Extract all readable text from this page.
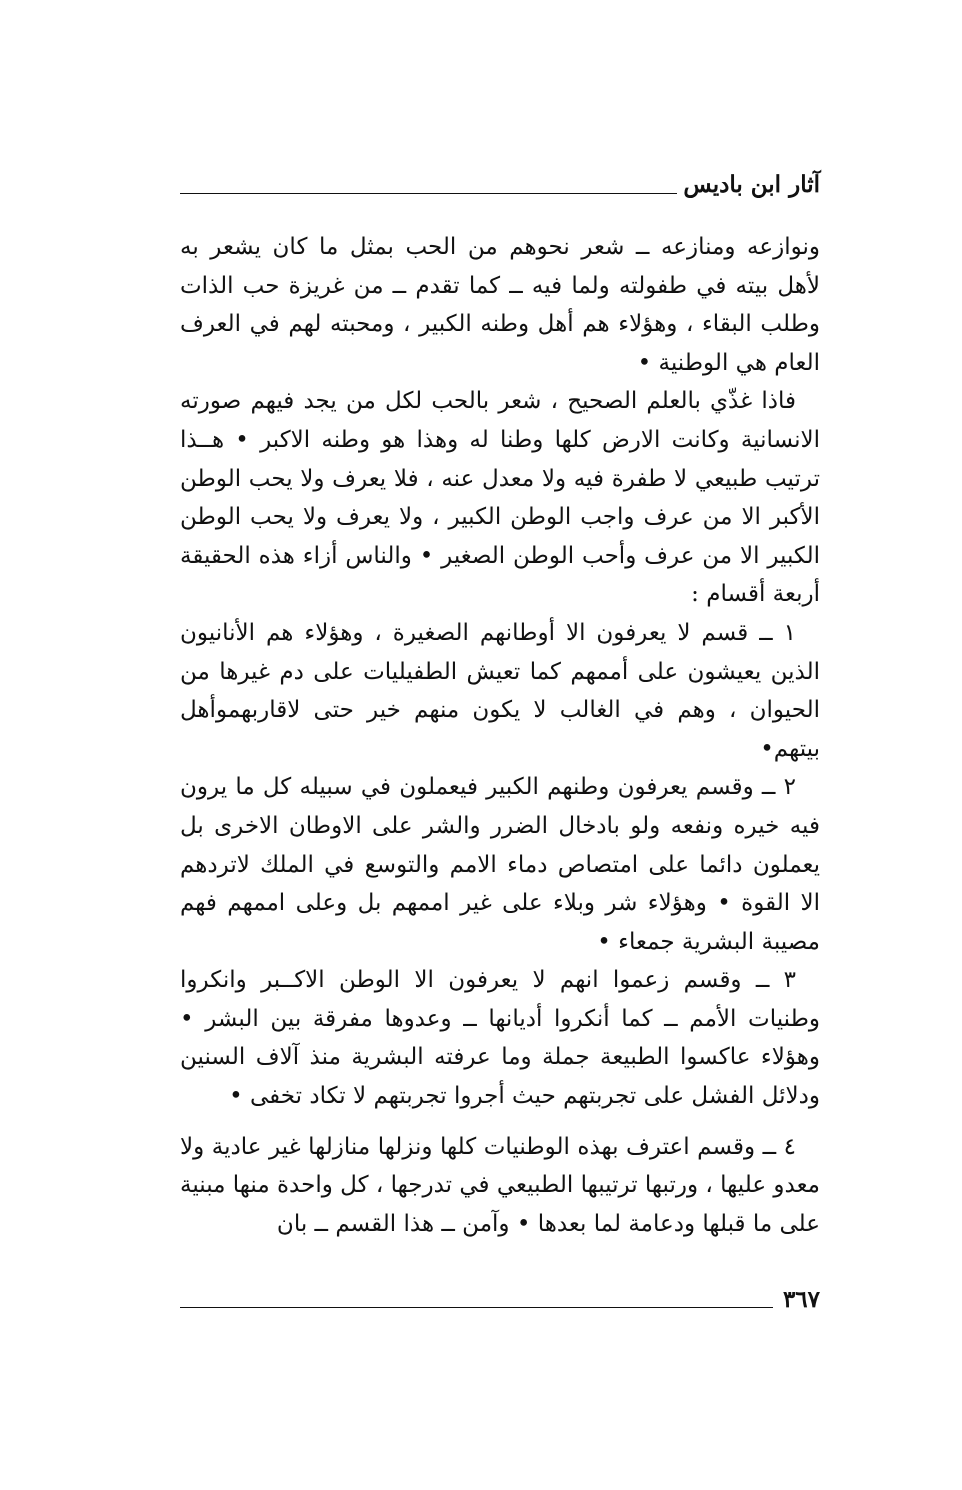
آثار ابن باديس

ونوازعه ومنازعه ــ شعر نحوهم من الحب بمثل ما كان يشعر به لأهل بيته في طفولته ولما فيه ــ كما تقدم ــ من غريزة حب الذات وطلب البقاء ، وهؤلاء هم أهل وطنه الكبير ، ومحبته لهم في العرف العام هي الوطنية •

فاذا غذّي بالعلم الصحيح ، شعر بالحب لكل من يجد فيهم صورته الانسانية وكانت الارض كلها وطنا له وهذا هو وطنه الاكبر • هــذا ترتيب طبيعي لا طفرة فيه ولا معدل عنه ، فلا يعرف ولا يحب الوطن الأكبر الا من عرف واجب الوطن الكبير ، ولا يعرف ولا يحب الوطن الكبير الا من عرف وأحب الوطن الصغير • والناس أزاء هذه الحقيقة أربعة أقسام :

١ ــ قسم لا يعرفون الا أوطانهم الصغيرة ، وهؤلاء هم الأنانيون الذين يعيشون على أممهم كما تعيش الطفيليات على دم غيرها من الحيوان ، وهم في الغالب لا يكون منهم خير حتى لاقاربهموأهل بيتهم•

٢ ــ وقسم يعرفون وطنهم الكبير فيعملون في سبيله كل ما يرون فيه خيره ونفعه ولو بادخال الضرر والشر على الاوطان الاخرى بل يعملون دائما على امتصاص دماء الامم والتوسع في الملك لاتردهم الا القوة • وهؤلاء شر وبلاء على غير اممهم بل وعلى اممهم فهم مصيبة البشرية جمعاء •

٣ ــ وقسم زعموا انهم لا يعرفون الا الوطن الاكــبر وانكروا وطنيات الأمم ــ كما أنكروا أديانها ــ وعدوها مفرقة بين البشر • وهؤلاء عاكسوا الطبيعة جملة وما عرفته البشرية منذ آلاف السنين ودلائل الفشل على تجربتهم حيث أجروا تجربتهم لا تكاد تخفى •

٤ ــ وقسم اعترف بهذه الوطنيات كلها ونزلها منازلها غير عادية ولا معدو عليها ، ورتبها ترتيبها الطبيعي في تدرجها ، كل واحدة منها مبنية على ما قبلها ودعامة لما بعدها • وآمن ــ هذا القسم ــ بان

٣٦٧
